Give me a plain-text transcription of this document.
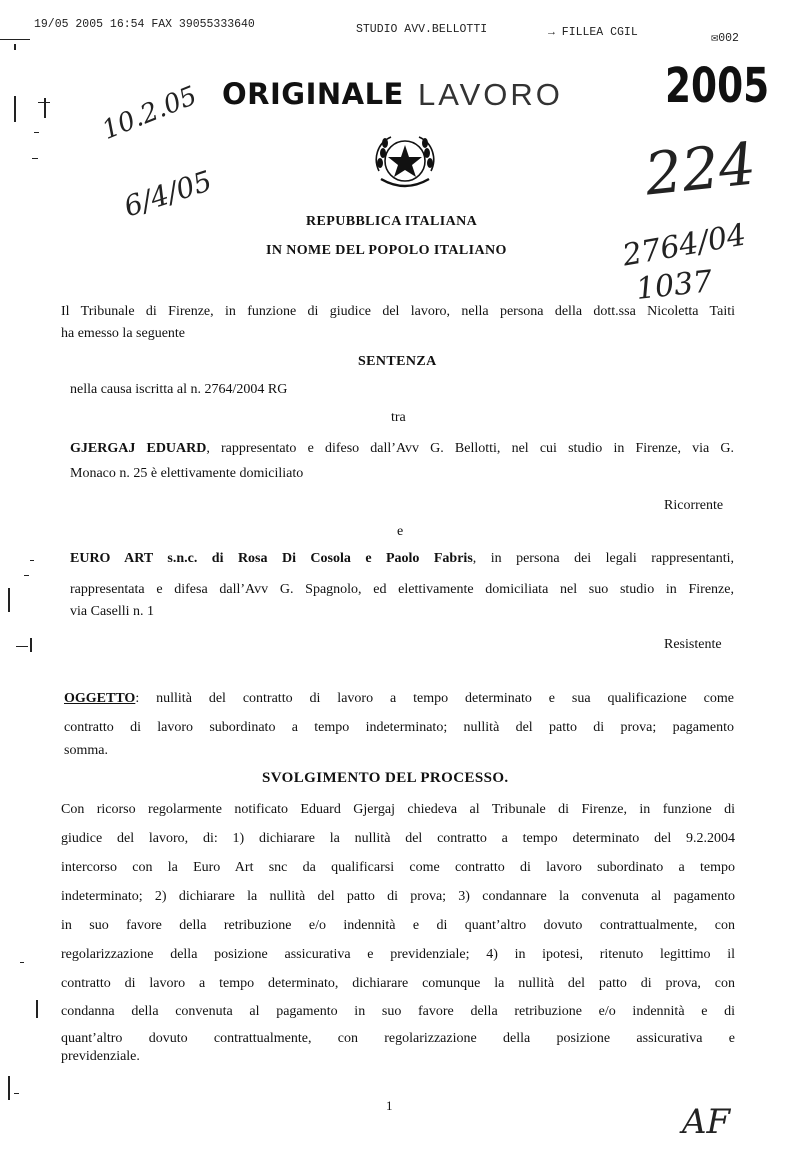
19/05 2005 16:54 FAX 39055333640	STUDIO AVV.BELLOTTI	→ FILLEA CGIL	✉002
ORIGINALE LAVORO 2005
10.2.05
6/4/05	224
2764/04
1037
REPUBBLICA ITALIANA
IN NOME DEL POPOLO ITALIANO
Il Tribunale di Firenze, in funzione di giudice del lavoro, nella persona della dott.ssa Nicoletta Taiti
ha emesso la seguente
SENTENZA
nella causa iscritta al n. 2764/2004 RG
tra
GJERGAJ EDUARD, rappresentato e difeso dall’Avv G. Bellotti, nel cui studio in Firenze, via G.
Monaco n. 25 è elettivamente domiciliato
Ricorrente
e
EURO ART s.n.c. di Rosa Di Cosola e Paolo Fabris, in persona dei legali rappresentanti,
rappresentata e difesa dall’Avv G. Spagnolo, ed elettivamente domiciliata nel suo studio in Firenze,
via Caselli n. 1
Resistente
OGGETTO: nullità del contratto di lavoro a tempo determinato e sua qualificazione come
contratto di lavoro subordinato a tempo indeterminato; nullità del patto di prova; pagamento
somma.
SVOLGIMENTO DEL PROCESSO.
Con ricorso regolarmente notificato Eduard Gjergaj chiedeva al Tribunale di Firenze, in funzione di
giudice del lavoro, di: 1) dichiarare la nullità del contratto a tempo determinato del 9.2.2004
intercorso con la Euro Art snc da qualificarsi come contratto di lavoro subordinato a tempo
indeterminato; 2) dichiarare la nullità del patto di prova; 3) condannare la convenuta al pagamento
in suo favore della retribuzione e/o indennità e di quant’altro dovuto contrattualmente, con
regolarizzazione della posizione assicurativa e previdenziale; 4) in ipotesi, ritenuto legittimo il
contratto di lavoro a tempo determinato, dichiarare comunque la nullità del patto di prova, con
condanna della convenuta al pagamento in suo favore della retribuzione e/o indennità e di
quant’altro dovuto contrattualmente, con regolarizzazione della posizione assicurativa e
previdenziale.
1	AF
